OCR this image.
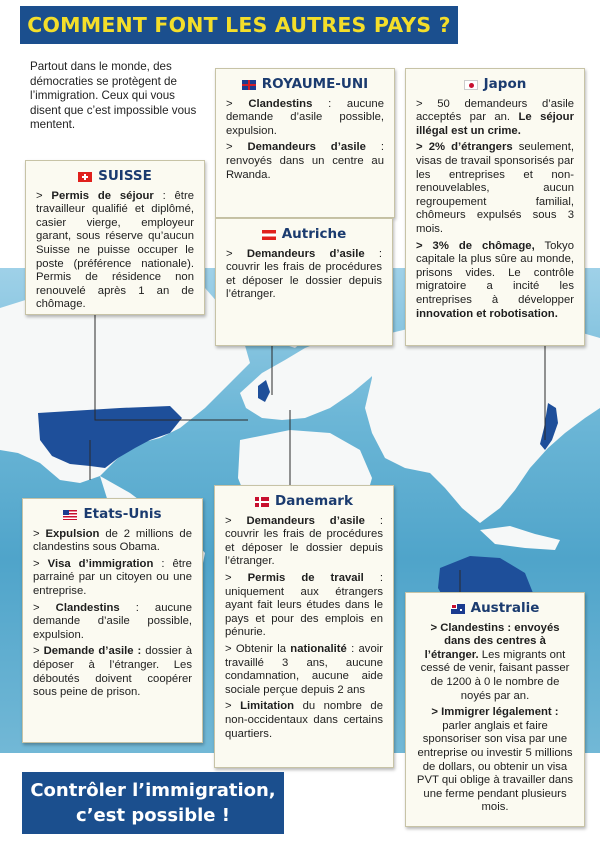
COMMENT FONT LES AUTRES PAYS ?
Partout dans le monde, des démocraties se protègent de l’immigration. Ceux qui vous disent que c’est impossible vous mentent.
SUISSE

> Permis de séjour : être travailleur qualifié et diplômé, casier vierge, employeur garant, sous réserve qu’aucun Suisse ne puisse occuper le poste (préférence nationale). Permis de résidence non renouvelé après 1 an de chômage.

ROYAUME-UNI

> Clandestins : aucune demande d’asile possible, expulsion.

> Demandeurs d’asile : renvoyés dans un centre au Rwanda.

Japon

> 50 demandeurs d’asile acceptés par an. Le séjour illégal est un crime.

> 2% d’étrangers seulement, visas de travail sponsorisés par les entreprises et non-renouvelables, aucun regroupement familial, chômeurs expulsés sous 3 mois.

> 3% de chômage, Tokyo capitale la plus sûre au monde, prisons vides. Le contrôle migratoire a incité les entreprises à développer innovation et robotisation.

Autriche

> Demandeurs d’asile : couvrir les frais de procédures et déposer le dossier depuis l’étranger.

Etats-Unis

> Expulsion de 2 millions de clandestins sous Obama.

> Visa d’immigration : être parrainé par un citoyen ou une entreprise.

> Clandestins : aucune demande d’asile possible, expulsion.

> Demande d’asile : dossier à déposer à l’étranger. Les déboutés doivent coopérer sous peine de prison.

Danemark

> Demandeurs d’asile : couvrir les frais de procédures et déposer le dossier depuis l’étranger.

> Permis de travail : uniquement aux étrangers ayant fait leurs études dans le pays et pour des emplois en pénurie.

> Obtenir la nationalité : avoir travaillé 3 ans, aucune condamnation, aucune aide sociale perçue depuis 2 ans

> Limitation du nombre de non-occidentaux dans certains quartiers.

Australie

> Clandestins : envoyés dans des centres à l’étranger. Les migrants ont cessé de venir, faisant passer de 1200 à 0 le nombre de noyés par an.

> Immigrer légalement : parler anglais et faire sponsoriser son visa par une entreprise ou investir 5 millions de dollars, ou obtenir un visa PVT qui oblige à travailler dans une ferme pendant plusieurs mois.

Contrôler l’immigration,
c’est possible !
